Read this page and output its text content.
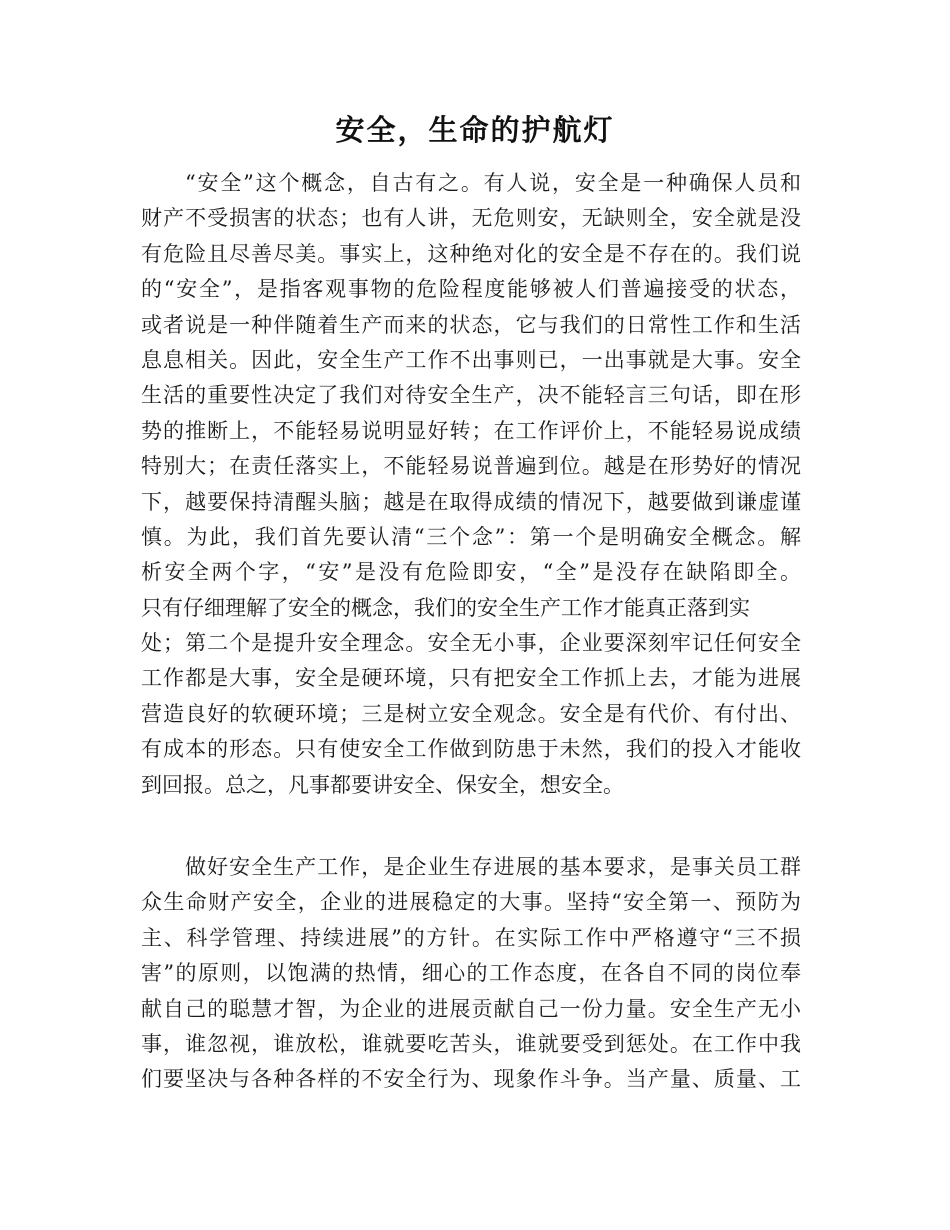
安全，生命的护航灯
“安全”这个概念，自古有之。有人说，安全是一种确保人员和
财产不受损害的状态；也有人讲，无危则安，无缺则全，安全就是没
有危险且尽善尽美。事实上，这种绝对化的安全是不存在的。我们说
的“安全”，是指客观事物的危险程度能够被人们普遍接受的状态，
或者说是一种伴随着生产而来的状态，它与我们的日常性工作和生活
息息相关。因此，安全生产工作不出事则已，一出事就是大事。安全
生活的重要性决定了我们对待安全生产，决不能轻言三句话，即在形
势的推断上，不能轻易说明显好转；在工作评价上，不能轻易说成绩
特别大；在责任落实上，不能轻易说普遍到位。越是在形势好的情况
下，越要保持清醒头脑；越是在取得成绩的情况下，越要做到谦虚谨
慎。为此，我们首先要认清“三个念”：第一个是明确安全概念。解
析安全两个字，“安”是没有危险即安，“全”是没存在缺陷即全。
只有仔细理解了安全的概念，我们的安全生产工作才能真正落到实
处；第二个是提升安全理念。安全无小事，企业要深刻牢记任何安全
工作都是大事，安全是硬环境，只有把安全工作抓上去，才能为进展
营造良好的软硬环境；三是树立安全观念。安全是有代价、有付出、
有成本的形态。只有使安全工作做到防患于未然，我们的投入才能收
到回报。总之，凡事都要讲安全、保安全，想安全。
做好安全生产工作，是企业生存进展的基本要求，是事关员工群
众生命财产安全，企业的进展稳定的大事。坚持“安全第一、预防为
主、科学管理、持续进展”的方针。在实际工作中严格遵守“三不损
害”的原则，以饱满的热情，细心的工作态度，在各自不同的岗位奉
献自己的聪慧才智，为企业的进展贡献自己一份力量。安全生产无小
事，谁忽视，谁放松，谁就要吃苦头，谁就要受到惩处。在工作中我
们要坚决与各种各样的不安全行为、现象作斗争。当产量、质量、工
